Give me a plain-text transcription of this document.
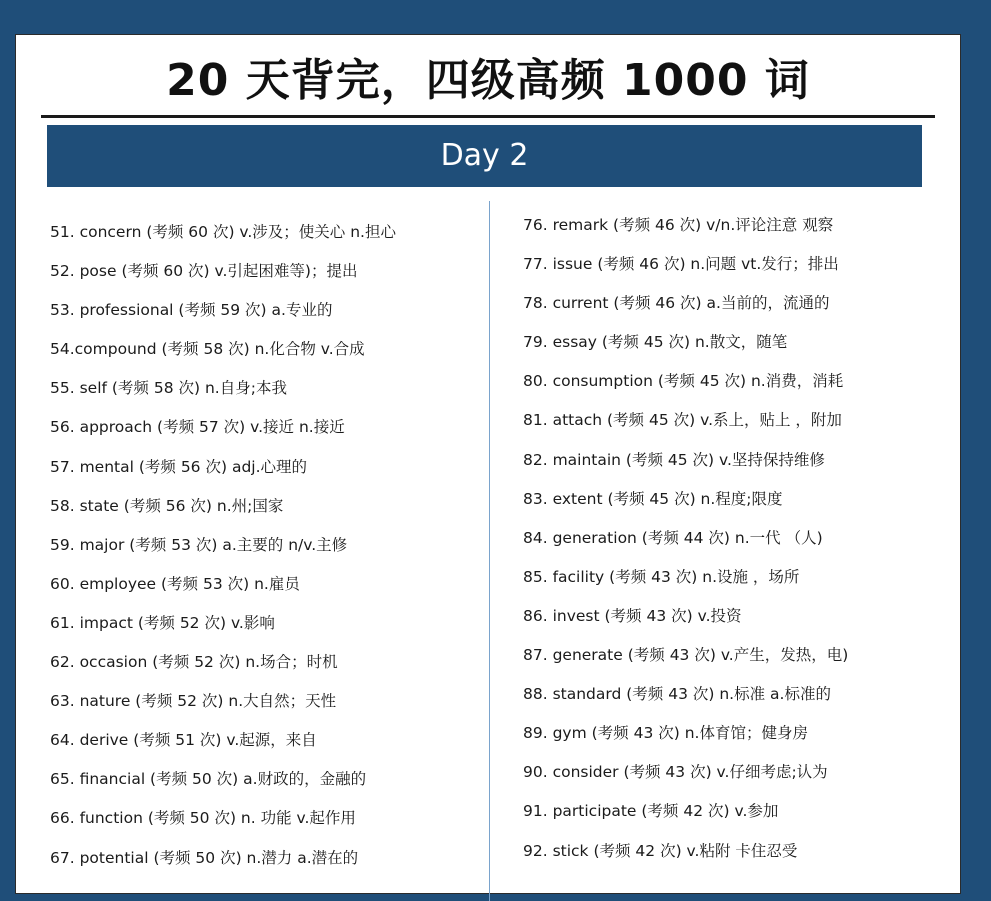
20 天背完，四级高频 1000 词
Day 2
51. concern (考频 60 次) v.涉及；使关心 n.担心
52. pose (考频 60 次) v.引起困难等)；提出
53. professional (考频 59 次) a.专业的
54.compound (考频 58 次) n.化合物 v.合成
55. self (考频 58 次) n.自身;本我
56. approach (考频 57 次) v.接近 n.接近
57. mental (考频 56 次) adj.心理的
58. state (考频 56 次) n.州;国家
59. major (考频 53 次) a.主要的 n/v.主修
60. employee (考频 53 次) n.雇员
61. impact (考频 52 次) v.影响
62. occasion (考频 52 次) n.场合；时机
63. nature (考频 52 次) n.大自然；天性
64. derive (考频 51 次) v.起源，来自
65. financial (考频 50 次) a.财政的，金融的
66. function (考频 50 次) n. 功能 v.起作用
67. potential (考频 50 次) n.潜力 a.潜在的
76. remark (考频 46 次) v/n.评论注意 观察
77. issue (考频 46 次) n.问题 vt.发行；排出
78. current (考频 46 次) a.当前的，流通的
79. essay (考频 45 次) n.散文，随笔
80. consumption (考频 45 次) n.消费，消耗
81. attach (考频 45 次) v.系上，贴上 ，附加
82. maintain (考频 45 次) v.坚持保持维修
83. extent (考频 45 次) n.程度;限度
84. generation (考频 44 次) n.一代 （人)
85. facility (考频 43 次) n.设施 ，场所
86. invest (考频 43 次) v.投资
87. generate (考频 43 次) v.产生，发热，电)
88. standard (考频 43 次) n.标准 a.标准的
89. gym (考频 43 次) n.体育馆；健身房
90. consider (考频 43 次) v.仔细考虑;认为
91. participate (考频 42 次) v.参加
92. stick (考频 42 次) v.粘附 卡住忍受
